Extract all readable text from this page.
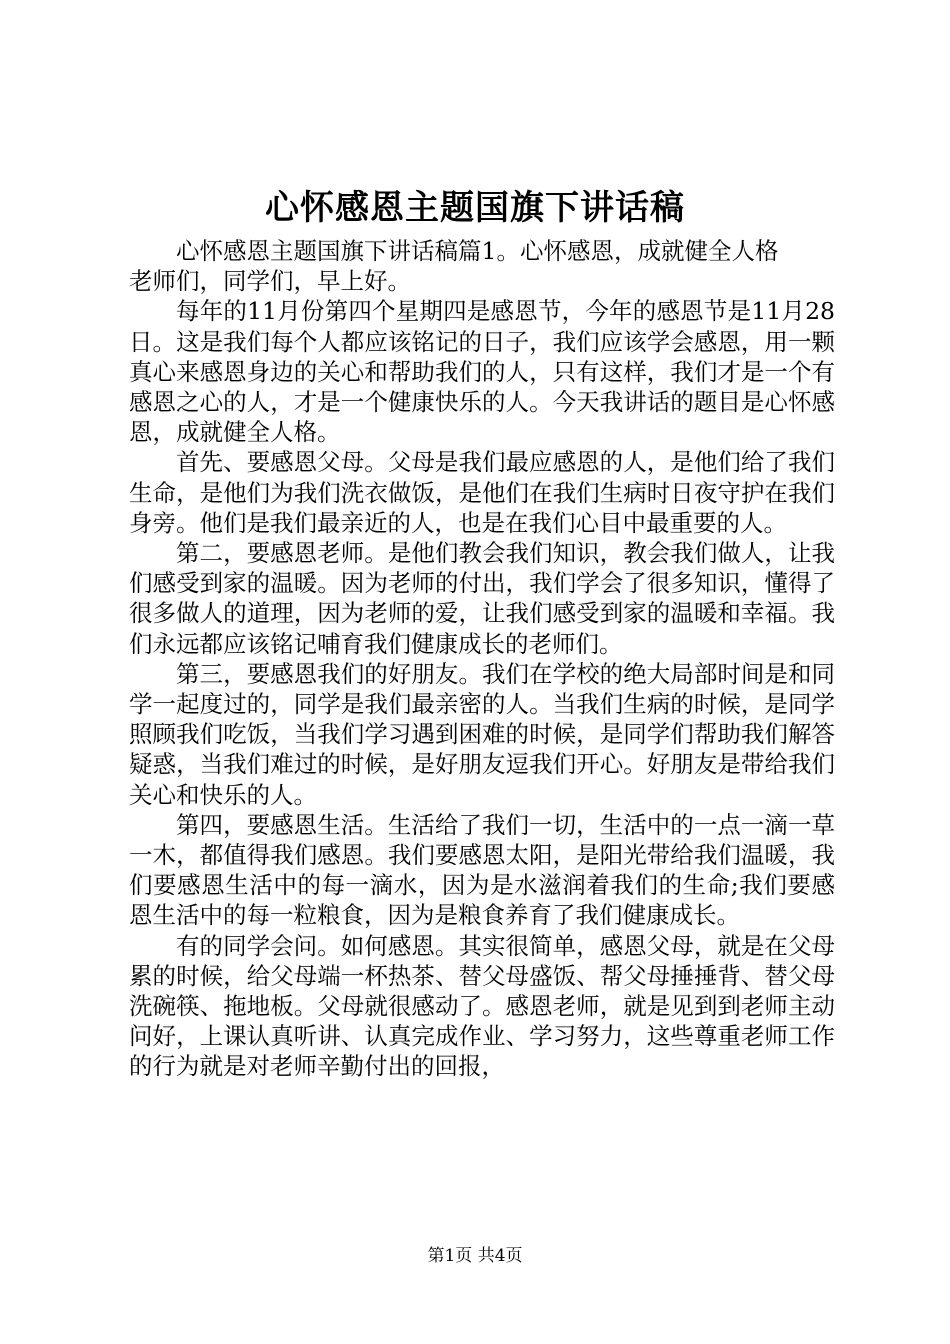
心怀感恩主题国旗下讲话稿

心怀感恩主题国旗下讲话稿篇1。心怀感恩，成就健全人格

老师们，同学们，早上好。

每年的11月份第四个星期四是感恩节，今年的感恩节是11月28日。这是我们每个人都应该铭记的日子，我们应该学会感恩，用一颗真心来感恩身边的关心和帮助我们的人，只有这样，我们才是一个有感恩之心的人，才是一个健康快乐的人。今天我讲话的题目是心怀感恩，成就健全人格。

首先、要感恩父母。父母是我们最应感恩的人，是他们给了我们生命，是他们为我们洗衣做饭，是他们在我们生病时日夜守护在我们身旁。他们是我们最亲近的人，也是在我们心目中最重要的人。

第二，要感恩老师。是他们教会我们知识，教会我们做人，让我们感受到家的温暖。因为老师的付出，我们学会了很多知识，懂得了很多做人的道理，因为老师的爱，让我们感受到家的温暖和幸福。我们永远都应该铭记哺育我们健康成长的老师们。

第三，要感恩我们的好朋友。我们在学校的绝大局部时间是和同学一起度过的，同学是我们最亲密的人。当我们生病的时候，是同学照顾我们吃饭，当我们学习遇到困难的时候，是同学们帮助我们解答疑惑，当我们难过的时候，是好朋友逗我们开心。好朋友是带给我们关心和快乐的人。

第四，要感恩生活。生活给了我们一切，生活中的一点一滴一草一木，都值得我们感恩。我们要感恩太阳，是阳光带给我们温暖，我们要感恩生活中的每一滴水，因为是水滋润着我们的生命;我们要感恩生活中的每一粒粮食，因为是粮食养育了我们健康成长。

有的同学会问。如何感恩。其实很简单，感恩父母，就是在父母累的时候，给父母端一杯热茶、替父母盛饭、帮父母捶捶背、替父母洗碗筷、拖地板。父母就很感动了。感恩老师，就是见到到老师主动问好，上课认真听讲、认真完成作业、学习努力，这些尊重老师工作的行为就是对老师辛勤付出的回报，

第1页 共4页
